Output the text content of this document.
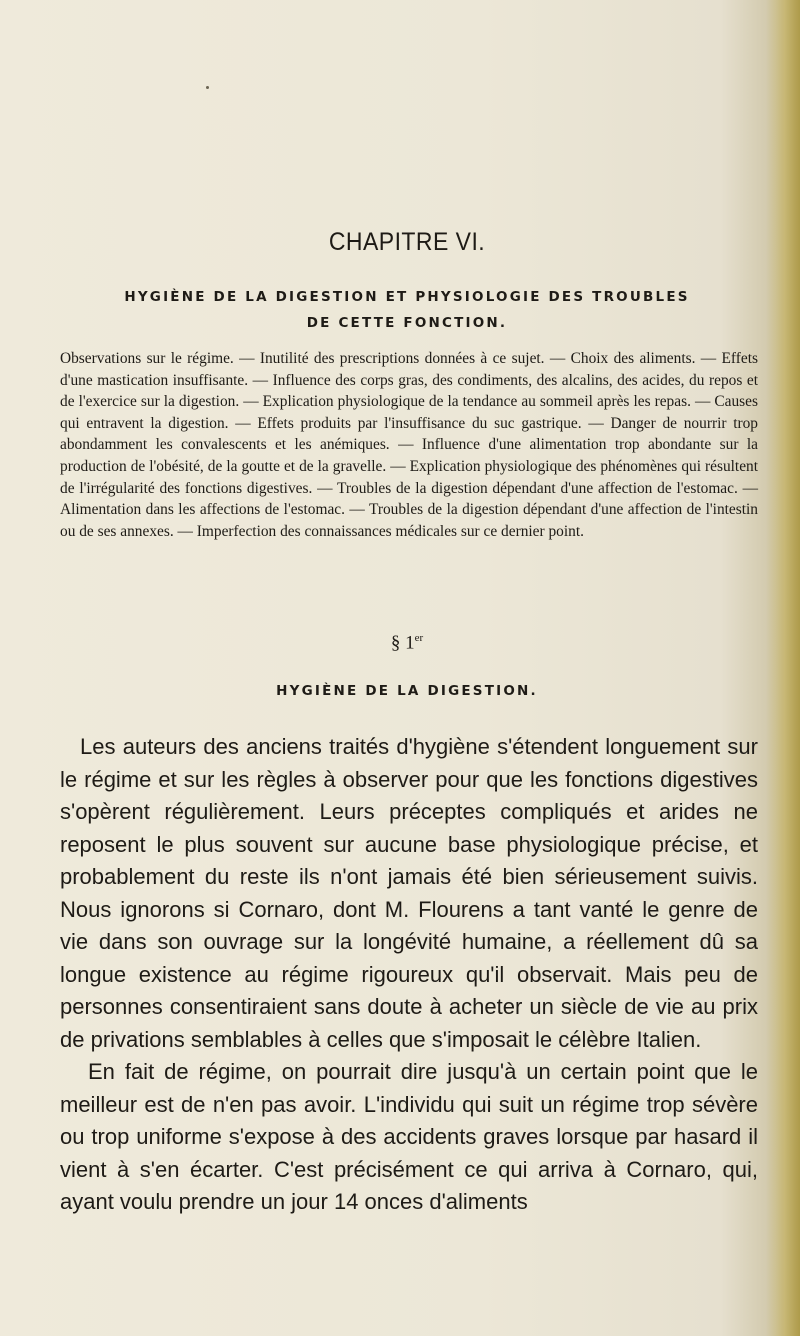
CHAPITRE VI.
HYGIÈNE DE LA DIGESTION ET PHYSIOLOGIE DES TROUBLES
DE CETTE FONCTION.
Observations sur le régime. — Inutilité des prescriptions données à ce sujet. — Choix des aliments. — Effets d'une mastication insuffisante. — Influence des corps gras, des condiments, des alcalins, des acides, du repos et de l'exercice sur la digestion. — Explication physiologique de la tendance au sommeil après les repas. — Causes qui entravent la digestion. — Effets produits par l'insuffisance du suc gastrique. — Danger de nourrir trop abondamment les convalescents et les anémiques. — Influence d'une alimentation trop abondante sur la production de l'obésité, de la goutte et de la gravelle. — Explication physiologique des phénomènes qui résultent de l'irrégularité des fonctions digestives. — Troubles de la digestion dépendant d'une affection de l'estomac. — Alimentation dans les affections de l'estomac. — Troubles de la digestion dépendant d'une affection de l'intestin ou de ses annexes. — Imperfection des connaissances médicales sur ce dernier point.
§ 1er
HYGIÈNE DE LA DIGESTION.

Les auteurs des anciens traités d'hygiène s'étendent longuement sur le régime et sur les règles à observer pour que les fonctions digestives s'opèrent régulièrement. Leurs préceptes compliqués et arides ne reposent le plus souvent sur aucune base physiologique précise, et probablement du reste ils n'ont jamais été bien sérieusement suivis. Nous ignorons si Cornaro, dont M. Flourens a tant vanté le genre de vie dans son ouvrage sur la longévité humaine, a réellement dû sa longue existence au régime rigoureux qu'il observait. Mais peu de personnes consentiraient sans doute à acheter un siècle de vie au prix de privations semblables à celles que s'imposait le célèbre Italien.

En fait de régime, on pourrait dire jusqu'à un certain point que le meilleur est de n'en pas avoir. L'individu qui suit un régime trop sévère ou trop uniforme s'expose à des accidents graves lorsque par hasard il vient à s'en écarter. C'est précisément ce qui arriva à Cornaro, qui, ayant voulu prendre un jour 14 onces d'aliments
